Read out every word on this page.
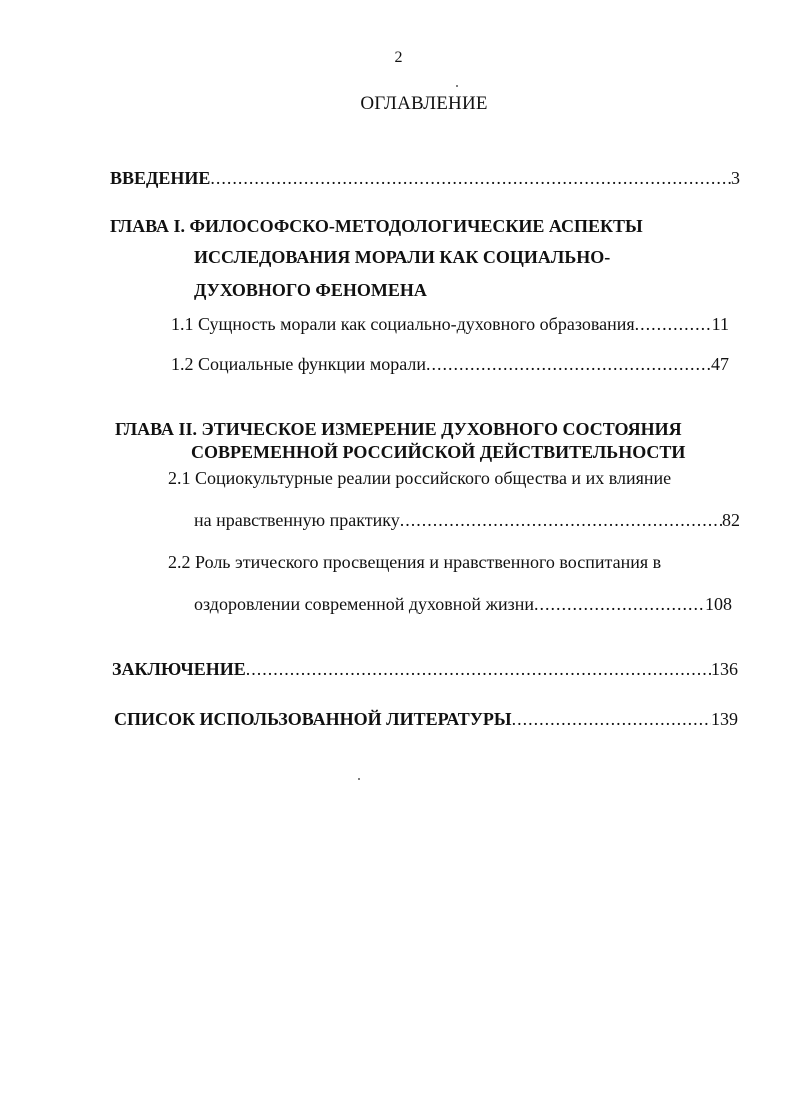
2
ОГЛАВЛЕНИЕ
ВВЕДЕНИЕ .....	3
ГЛАВА I. ФИЛОСОФСКО-МЕТОДОЛОГИЧЕСКИЕ АСПЕКТЫ
ИССЛЕДОВАНИЯ МОРАЛИ КАК СОЦИАЛЬНО-
ДУХОВНОГО ФЕНОМЕНА
1.1 Сущность морали как социально-духовного образования .....	11
1.2 Социальные функции морали .....	47
ГЛАВА II. ЭТИЧЕСКОЕ ИЗМЕРЕНИЕ ДУХОВНОГО СОСТОЯНИЯ
СОВРЕМЕННОЙ РОССИЙСКОЙ ДЕЙСТВИТЕЛЬНОСТИ
2.1 Социокультурные реалии российского общества и их влияние
на нравственную практику .....	82
2.2 Роль этического просвещения и нравственного воспитания в
оздоровлении современной духовной жизни .....	108
ЗАКЛЮЧЕНИЕ .....	136
СПИСОК ИСПОЛЬЗОВАННОЙ ЛИТЕРАТУРЫ .....	139
